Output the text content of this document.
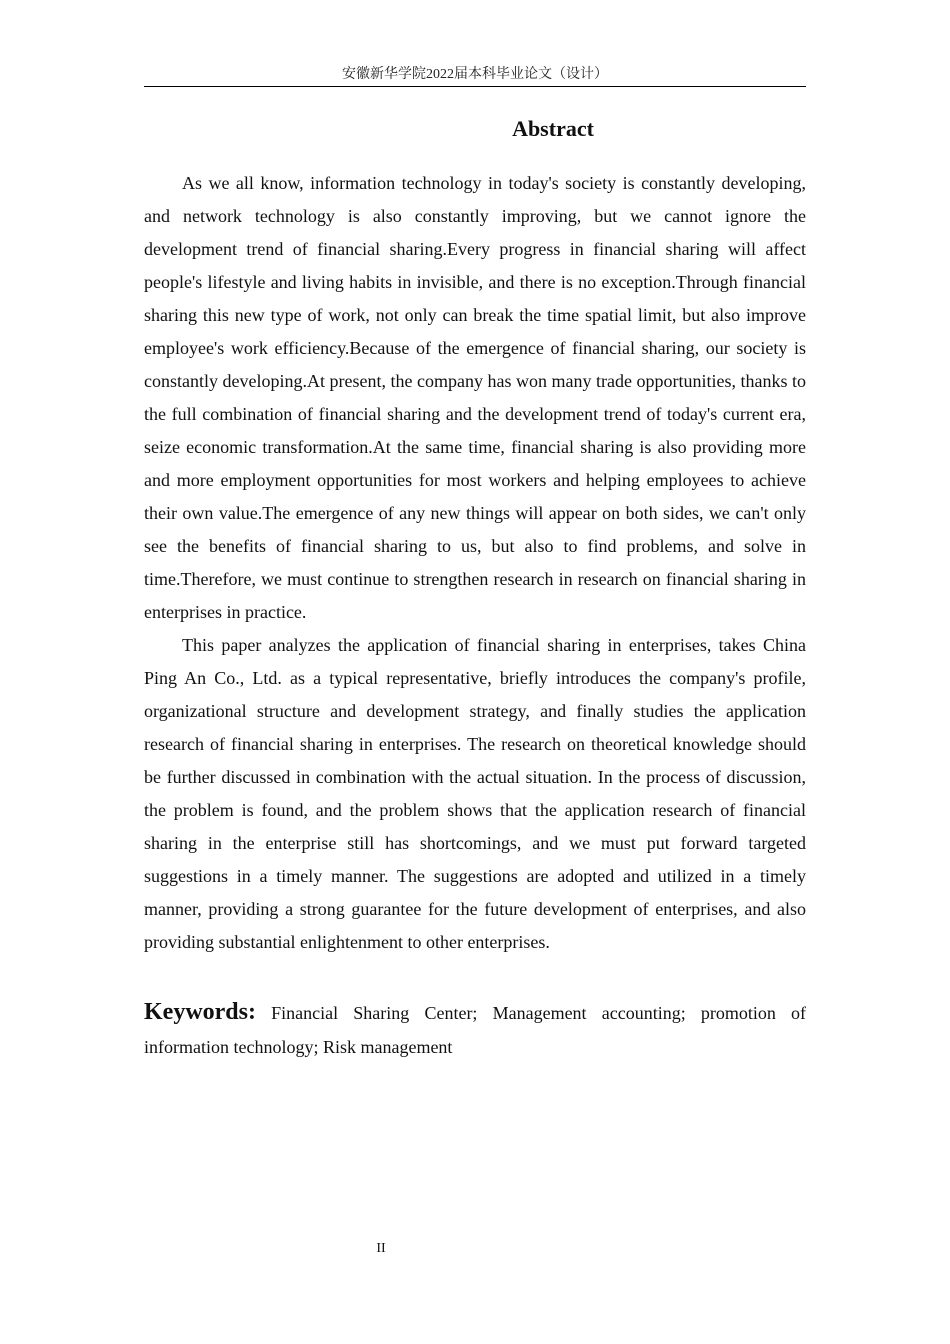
安徽新华学院2022届本科毕业论文（设计）
Abstract

As we all know, information technology in today's society is constantly developing, and network technology is also constantly improving, but we cannot ignore the development trend of financial sharing.Every progress in financial sharing will affect people's lifestyle and living habits in invisible, and there is no exception.Through financial sharing this new type of work, not only can break the time spatial limit, but also improve employee's work efficiency.Because of the emergence of financial sharing, our society is constantly developing.At present, the company has won many trade opportunities, thanks to the full combination of financial sharing and the development trend of today's current era, seize economic transformation.At the same time, financial sharing is also providing more and more employment opportunities for most workers and helping employees to achieve their own value.The emergence of any new things will appear on both sides, we can't only see the benefits of financial sharing to us, but also to find problems, and solve in time.Therefore, we must continue to strengthen research in research on financial sharing in enterprises in practice.

This paper analyzes the application of financial sharing in enterprises, takes China Ping An Co., Ltd. as a typical representative, briefly introduces the company's profile, organizational structure and development strategy, and finally studies the application research of financial sharing in enterprises. The research on theoretical knowledge should be further discussed in combination with the actual situation. In the process of discussion, the problem is found, and the problem shows that the application research of financial sharing in the enterprise still has shortcomings, and we must put forward targeted suggestions in a timely manner. The suggestions are adopted and utilized in a timely manner, providing a strong guarantee for the future development of enterprises, and also providing substantial enlightenment to other enterprises.

Keywords: Financial Sharing Center; Management accounting; promotion of information technology; Risk management

II
